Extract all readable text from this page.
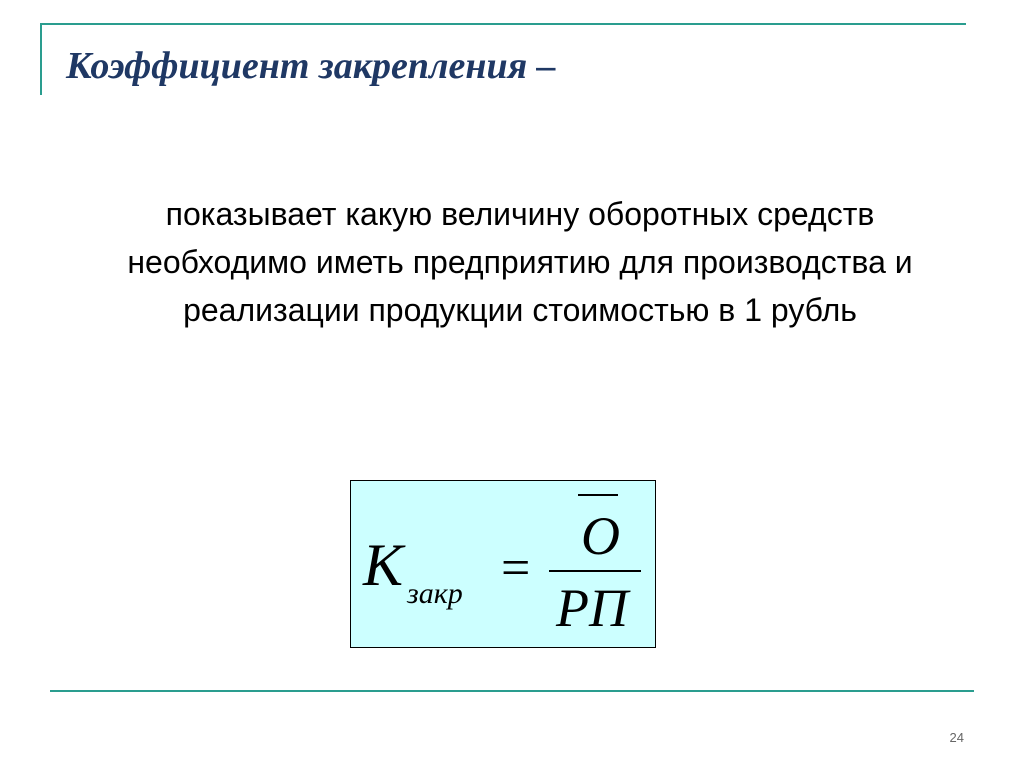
Коэффициент закрепления –
показывает какую величину оборотных средств необходимо иметь предприятию для производства и реализации продукции стоимостью в 1 рубль
K закр =
O
РП
24
